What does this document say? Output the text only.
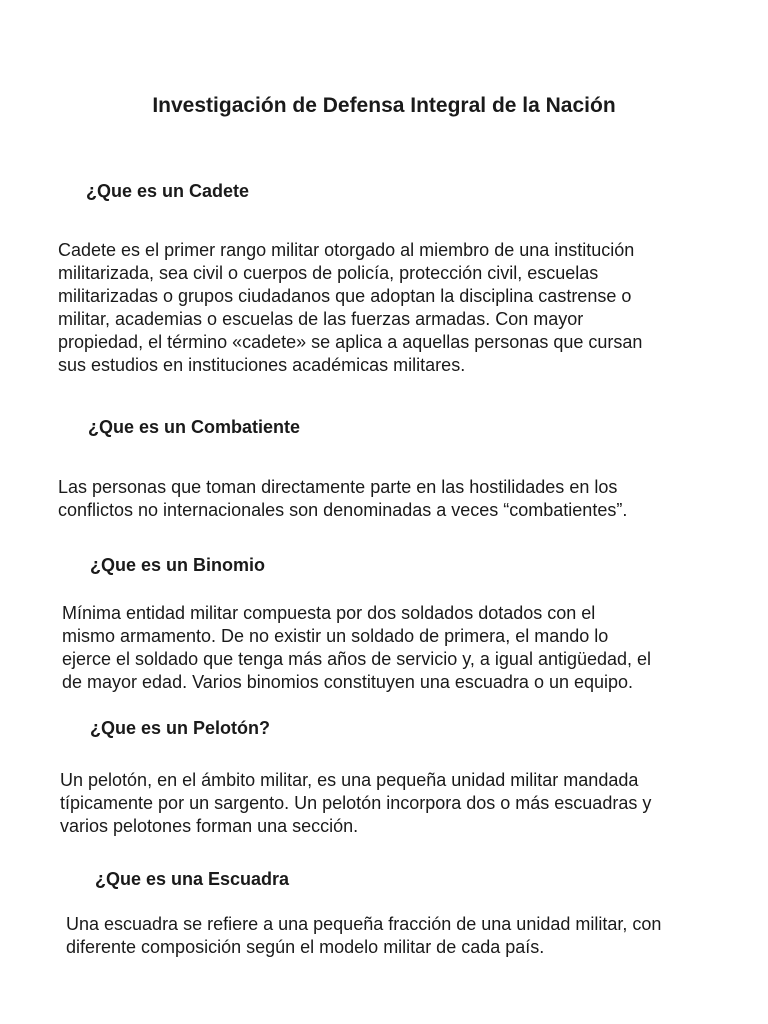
Investigación de Defensa Integral de la Nación
¿Que es un Cadete

Cadete es el primer rango militar otorgado al miembro de una institución
militarizada, sea civil o cuerpos de policía, protección civil, escuelas
militarizadas o grupos ciudadanos que adoptan la disciplina castrense o
militar, academias o escuelas de las fuerzas armadas. Con mayor
propiedad, el término «cadete» se aplica a aquellas personas que cursan
sus estudios en instituciones académicas militares.

¿Que es un Combatiente

Las personas que toman directamente parte en las hostilidades en los
conflictos no internacionales son denominadas a veces “combatientes”.

¿Que es un Binomio

Mínima entidad militar compuesta por dos soldados dotados con el
mismo armamento. De no existir un soldado de primera, el mando lo
ejerce el soldado que tenga más años de servicio y, a igual antigüedad, el
de mayor edad. Varios binomios constituyen una escuadra o un equipo.

¿Que es un Pelotón?

Un pelotón, en el ámbito militar, es una pequeña unidad militar mandada
típicamente por un sargento. Un pelotón incorpora dos o más escuadras y
varios pelotones forman una sección.

¿Que es una Escuadra

Una escuadra se refiere a una pequeña fracción de una unidad militar, con
diferente composición según el modelo militar de cada país.
